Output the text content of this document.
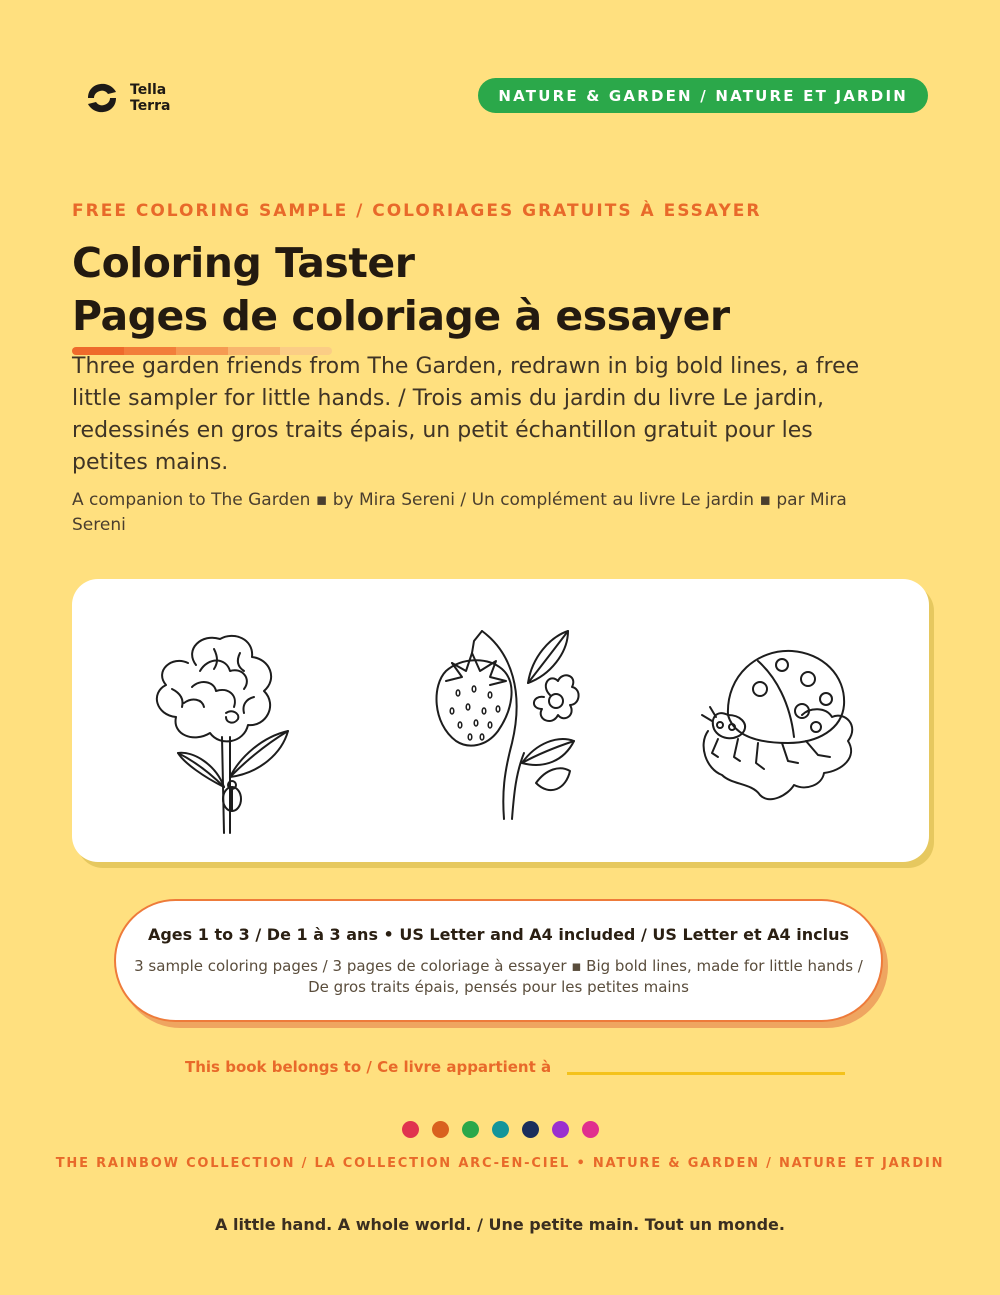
Tella
Terra
NATURE & GARDEN / NATURE ET JARDIN
FREE COLORING SAMPLE / COLORIAGES GRATUITS À ESSAYER
Coloring Taster
Pages de coloriage à essayer

Three garden friends from The Garden, redrawn in big bold lines, a free little sampler for little hands. / Trois amis du jardin du livre Le jardin, redessinés en gros traits épais, un petit échantillon gratuit pour les petites mains.

A companion to The Garden ▪ by Mira Sereni / Un complément au livre Le jardin ▪ par Mira Sereni

Ages 1 to 3 / De 1 à 3 ans • US Letter and A4 included / US Letter et A4 inclus
3 sample coloring pages / 3 pages de coloriage à essayer ▪ Big bold lines, made for little hands / De gros traits épais, pensés pour les petites mains
This book belongs to / Ce livre appartient à
THE RAINBOW COLLECTION / LA COLLECTION ARC-EN-CIEL • NATURE & GARDEN / NATURE ET JARDIN
A little hand. A whole world. / Une petite main. Tout un monde.
